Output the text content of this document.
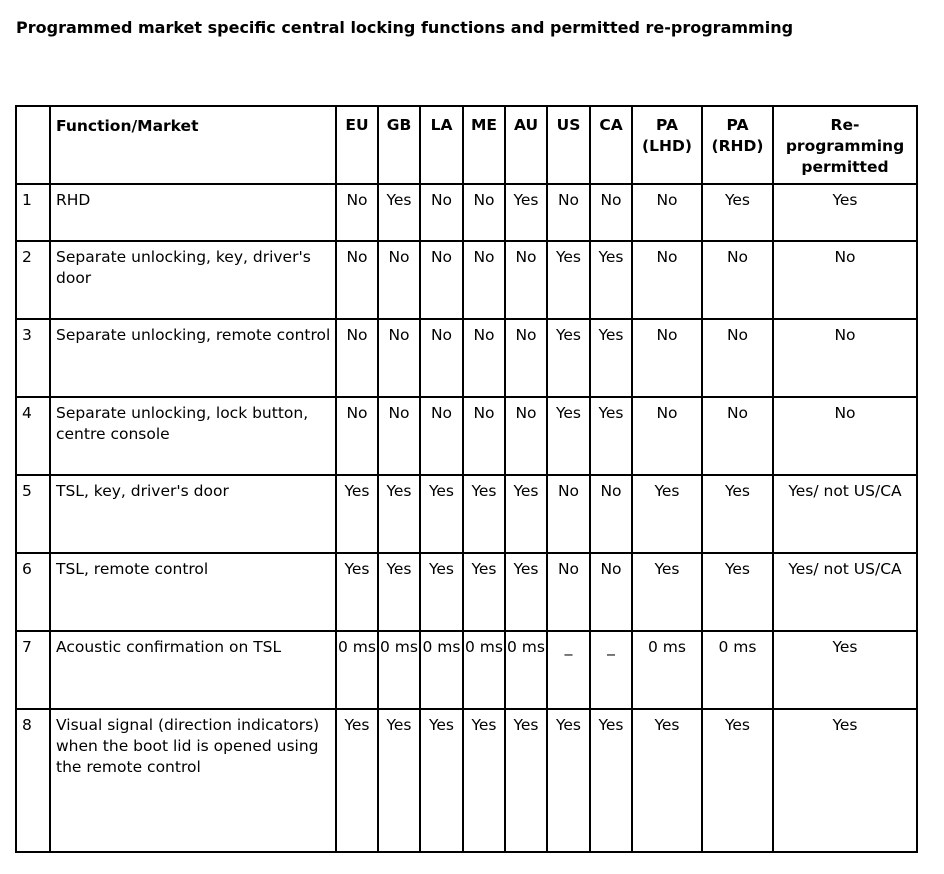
Programmed market specific central locking functions and permitted re-programming
	Function/Market	EU	GB	LA	ME	AU	US	CA	PA (LHD)	PA (RHD)	Re-programming permitted
1	RHD	No	Yes	No	No	Yes	No	No	No	Yes	Yes
2	Separate unlocking, key, driver's door	No	No	No	No	No	Yes	Yes	No	No	No
3	Separate unlocking, remote control	No	No	No	No	No	Yes	Yes	No	No	No
4	Separate unlocking, lock button, centre console	No	No	No	No	No	Yes	Yes	No	No	No
5	TSL, key, driver's door	Yes	Yes	Yes	Yes	Yes	No	No	Yes	Yes	Yes/ not US/CA
6	TSL, remote control	Yes	Yes	Yes	Yes	Yes	No	No	Yes	Yes	Yes/ not US/CA
7	Acoustic confirmation on TSL	0 ms	0 ms	0 ms	0 ms	0 ms	_	_	0 ms	0 ms	Yes
8	Visual signal (direction indicators) when the boot lid is opened using the remote control	Yes	Yes	Yes	Yes	Yes	Yes	Yes	Yes	Yes	Yes
